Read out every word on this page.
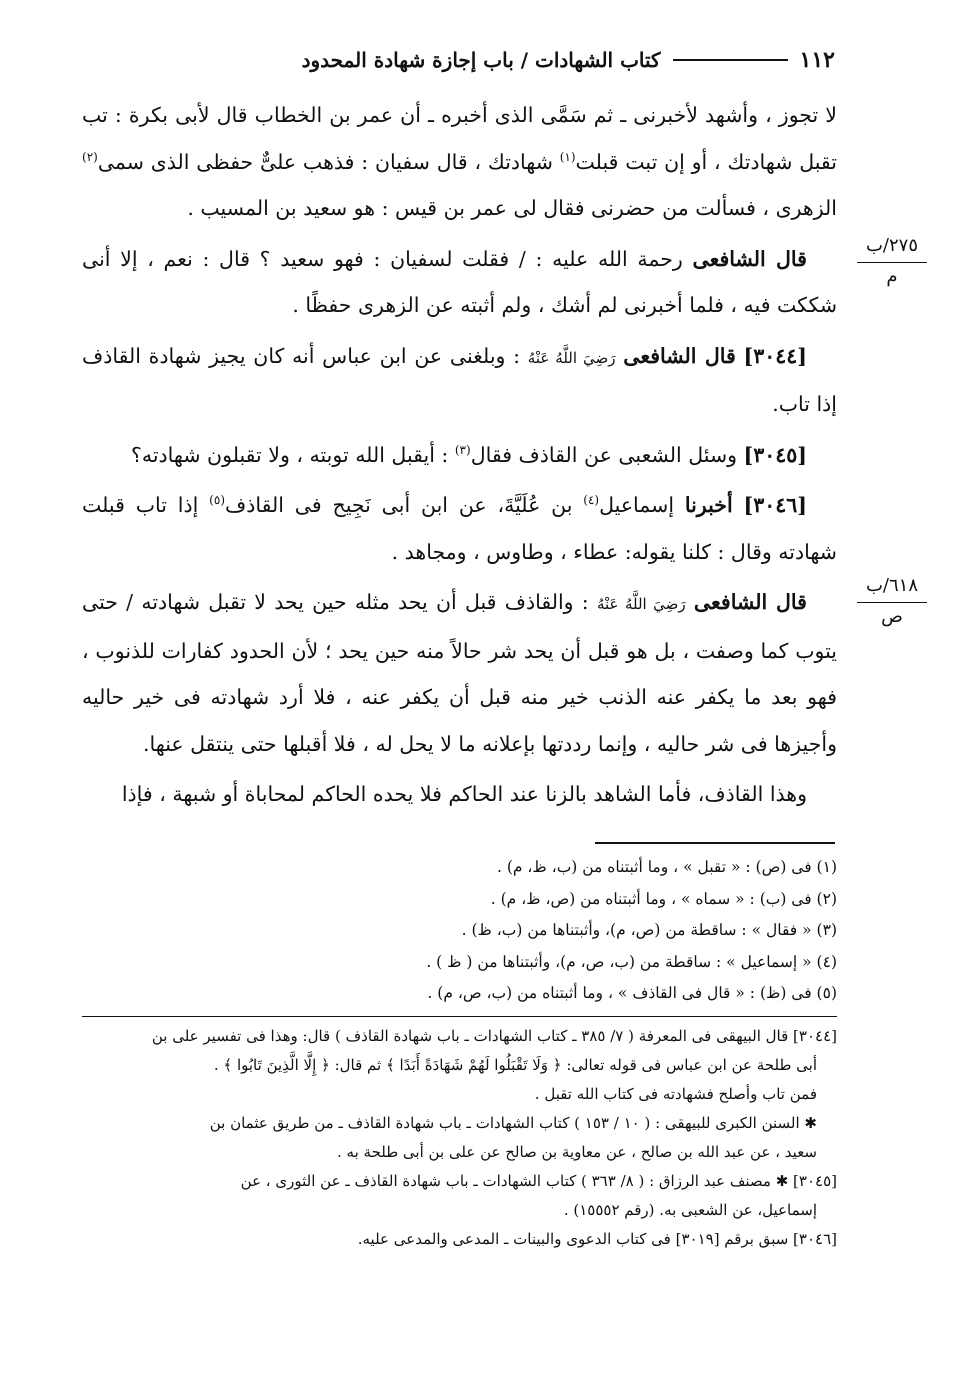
١١٢
كتاب الشهادات / باب إجازة شهادة المحدود
٢٧٥/ب
م
٦١٨/ب
ص

لا تجوز ، وأشهد لأخبرنى ـ ثم سَمَّى الذى أخبره ـ أن عمر بن الخطاب قال لأبى بكرة : تب تقبل شهادتك ، أو إن تبت قبلت$^{(١)}$ شهادتك ، قال سفيان : فذهب علىٌّ حفظى الذى سمى$^{(٢)}$ الزهرى ، فسألت من حضرنى فقال لى عمر بن قيس : هو سعيد بن المسيب .

قال الشافعى رحمة الله عليه : / فقلت لسفيان : فهو سعيد ؟ قال : نعم ، إلا أنى شككت فيه ، فلما أخبرنى لم أشك ، ولم أثبته عن الزهرى حفظًا .

[٣٠٤٤] قال الشافعى رَضِيَ اللَّهُ عَنْهُ : وبلغنى عن ابن عباس أنه كان يجيز شهادة القاذف إذا تاب.

[٣٠٤٥] وسئل الشعبى عن القاذف فقال$^{(٣)}$ : أيقبل الله توبته ، ولا تقبلون شهادته؟

[٣٠٤٦] أخبرنا إسماعيل$^{(٤)}$ بن عُلَيَّةَ، عن ابن أبى نَجِيح فى القاذف$^{(٥)}$ إذا تاب قبلت شهادته وقال : كلنا يقوله: عطاء ، وطاوس ، ومجاهد .

قال الشافعى رَضِيَ اللَّهُ عَنْهُ : والقاذف قبل أن يحد مثله حين يحد لا تقبل شهادته / حتى يتوب كما وصفت ، بل هو قبل أن يحد شر حالاً منه حين يحد ؛ لأن الحدود كفارات للذنوب ، فهو بعد ما يكفر عنه الذنب خير منه قبل أن يكفر عنه ، فلا أرد شهادته فى خير حاليه وأجيزها فى شر حاليه ، وإنما رددتها بإعلانه ما لا يحل له ، فلا أقبلها حتى ينتقل عنها.

وهذا القاذف، فأما الشاهد بالزنا عند الحاكم فلا يحده الحاكم لمحاباة أو شبهة ، فإذا

(١) فى (ص) : « تقبل » ، وما أثبتناه من (ب، ظ، م) .
(٢) فى (ب) : « سماه » ، وما أثبتناه من (ص، ظ، م) .
(٣) « فقال » : ساقطة من (ص، م)، وأثبتناها من (ب، ظ) .
(٤) « إسماعيل » : ساقطة من (ب، ص، م)، وأثبتناها من ( ظ ) .
(٥) فى (ظ) : « قال فى القاذف » ، وما أثبتناه من (ب، ص، م) .
[٣٠٤٤] قال البيهقى فى المعرفة ( ٧/ ٣٨٥ ـ كتاب الشهادات ـ باب شهادة القاذف ) قال: وهذا فى تفسير على بن
أبى طلحة عن ابن عباس فى قوله تعالى: ﴿ وَلَا تَقْبَلُوا لَهُمْ شَهَادَةً أَبَدًا ﴾ ثم قال: ﴿ إِلَّا الَّذِينَ تَابُوا ﴾ .
فمن تاب وأصلح فشهادته فى كتاب الله تقبل .
✱ السنن الكبرى للبيهقى : ( ١٠ / ١٥٣ ) كتاب الشهادات ـ باب شهادة القاذف ـ من طريق عثمان بن
سعيد ، عن عبد الله بن صالح ، عن معاوية بن صالح عن على بن أبى طلحة به .
[٣٠٤٥] ✱ مصنف عبد الرزاق : ( ٨/ ٣٦٣ ) كتاب الشهادات ـ باب شهادة القاذف ـ عن الثورى ، عن
إسماعيل، عن الشعبى به. (رقم ١٥٥٥٢) .
[٣٠٤٦] سبق برقم [٣٠١٩] فى كتاب الدعوى والبينات ـ المدعى والمدعى عليه.
